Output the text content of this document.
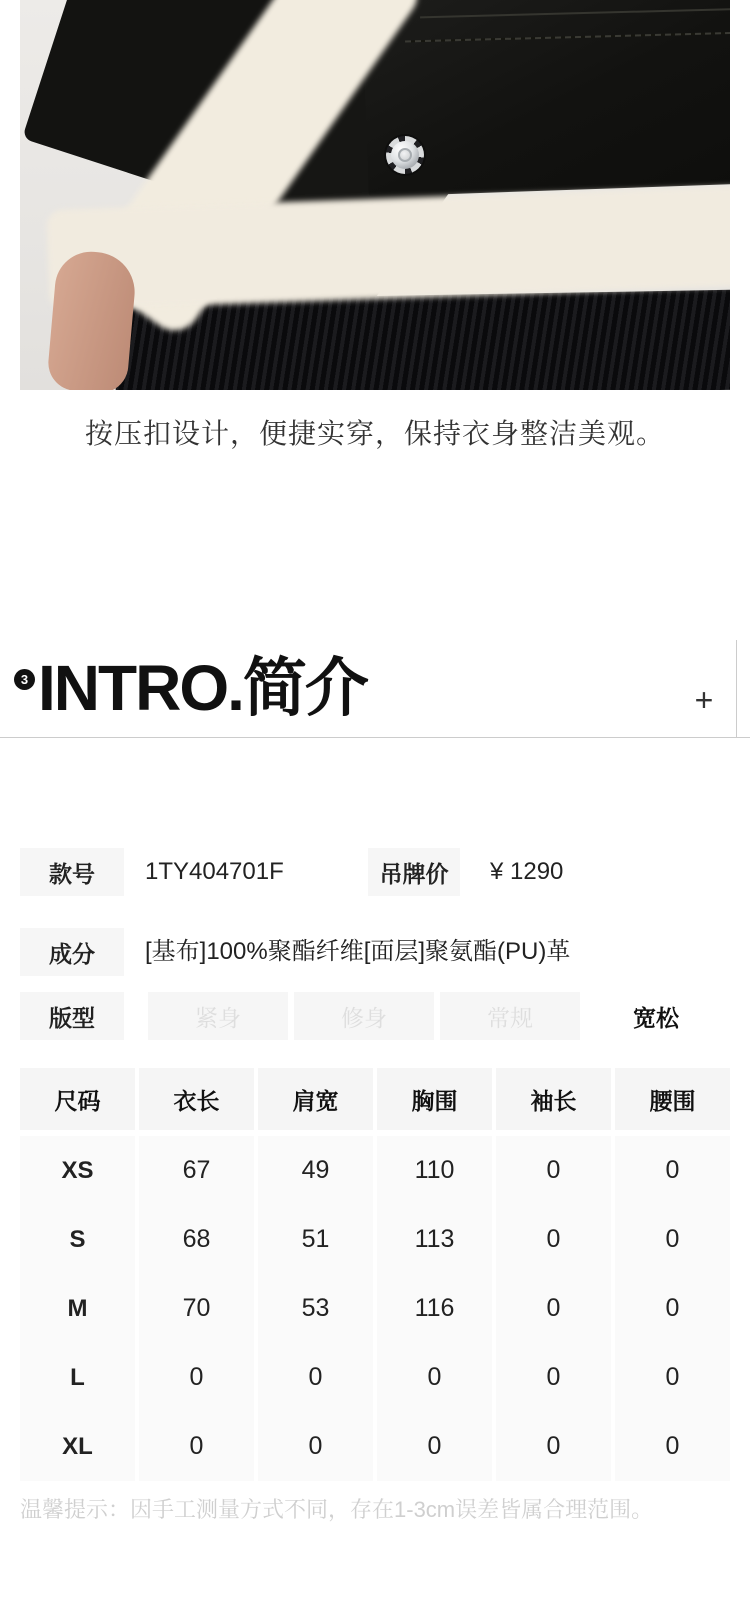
按压扣设计，便捷实穿，保持衣身整洁美观。
3 INTRO.简介	+
款号	1TY404701F	吊牌价	¥ 1290
成分	[基布]100%聚酯纤维[面层]聚氨酯(PU)革
版型	紧身	修身	常规	宽松
尺码	衣长	肩宽	胸围	袖长	腰围
XS	67	49	110	0	0
S	68	51	113	0	0
M	70	53	116	0	0
L	0	0	0	0	0
XL	0	0	0	0	0
温馨提示：因手工测量方式不同，存在1-3cm误差皆属合理范围。
